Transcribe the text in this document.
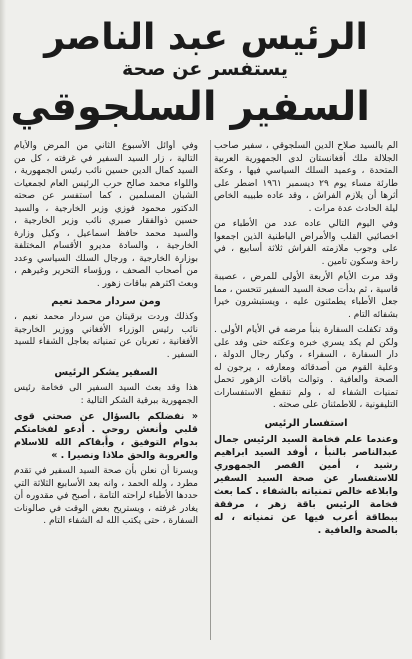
الرئيس عبد الناصر
يستفسر عن صحة
السفير السلجوقي

الم بالسيد صلاح الدين السلجوقي ، سفير صاحب الجلالة ملك أفغانستان لدى الجمهورية العربية المتحدة ، وعميد السلك السياسي فيها ، وعكة طارئة مساء يوم ۲۹ ديسمبر ١٩٦١ اضطر على أثرها أن يلازم الفراش ، وقد عاده طبيبه الخاص ليلة الحادث عدة مرات .

وفي اليوم التالي عاده عدد من الأطباء من اخصائيي القلب والأمراض الباطنية الذين اجمعوا على وجوب ملازمته الفراش ثلاثة أسابيع ، في راحة وسكون تامين .

وقد مرت الأيام الأربعة الأولى للمرض ، عصيبة قاسية ، ثم بدأت صحة السيد السفير تتحسن ، مما جعل الأطباء يطمئنون عليه ، ويستبشرون خيرا بشفائه التام .

وقد تكفلت السفارة بنبأ مرضه في الأيام الأولى . ولكن لم يكد يسري خبره وعكته حتى وفد على دار السفارة ، السفراء ، وكبار رجال الدولة ، وعلية القوم من أصدقائه ومعارفه ، يرجون له الصحة والعافية . وتوالت باقات الزهور تحمل تمنيات الشفاء له ، ولم تنقطع الاستفسارات التليفونية ، للاطمئنان على صحته .

استفسار الرئيس

وعندما علم فخامة السيد الرئيس جمال عبدالناصر بالنبأ ، أوفد السيد ابراهيم رشيد ، أمين القصر الجمهوري للاستفسار عن صحة السيد السفير وابلاغه خالص تمنياته بالشفاء . كما بعث فخامة الرئيس باقة زهر ، مرفقة ببطاقة أعرب فيها عن تمنياته ، له بالصحة والعافية .

وفي أوائل الأسبوع الثاني من المرض والأيام التالية ، زار السيد السفير في غرفته ، كل من السيد كمال الدين حسين نائب رئيس الجمهورية ، واللواء محمد صالح حرب الرئيس العام لجمعيات الشبان المسلمين ، كما استفسر عن صحته الدكتور محمود فوزي وزير الخارجية ، والسيد حسين ذوالفقار صبري نائب وزير الخارجية ، والسيد محمد حافظ اسماعيل ، وكيل وزارة الخارجية ، والسادة مديرو الأقسام المختلفة بوزارة الخارجية ، ورجال السلك السياسي وعدد من أصحاب الصحف ، ورؤساء التحرير وغيرهم ، وبعث اكثرهم بباقات زهور .

ومن سردار محمد نعيم

وكذلك وردت برقيتان من سردار محمد نعيم ، نائب رئيس الوزراء الأفغاني ووزير الخارجية الأفغانية ، تعربان عن تمنياته بعاجل الشفاء للسيد السفير .

السفير يشكر الرئيس

هذا وقد بعث السيد السفير الى فخامة رئيس الجمهورية ببرقية الشكر التالية :

« نفضلكم بالسؤال عن صحتي قوى قلبي وأنعش روحي . أدعو لفخامتكم بدوام التوفيق ، وأبقاكم الله للاسلام والعروبة والحق ملاذا ونصيرا . »

ويسرنا أن نعلن بأن صحة السيد السفير في تقدم مطرد ، ولله الحمد ، وانه بعد الأسابيع الثلاثة التي حددها الأطباء لراحته التامة ، أصبح في مقدوره أن يغادر غرفته ، ويستريح بعض الوقت في صالونات السفارة ، حتى يكتب الله له الشفاء التام .
